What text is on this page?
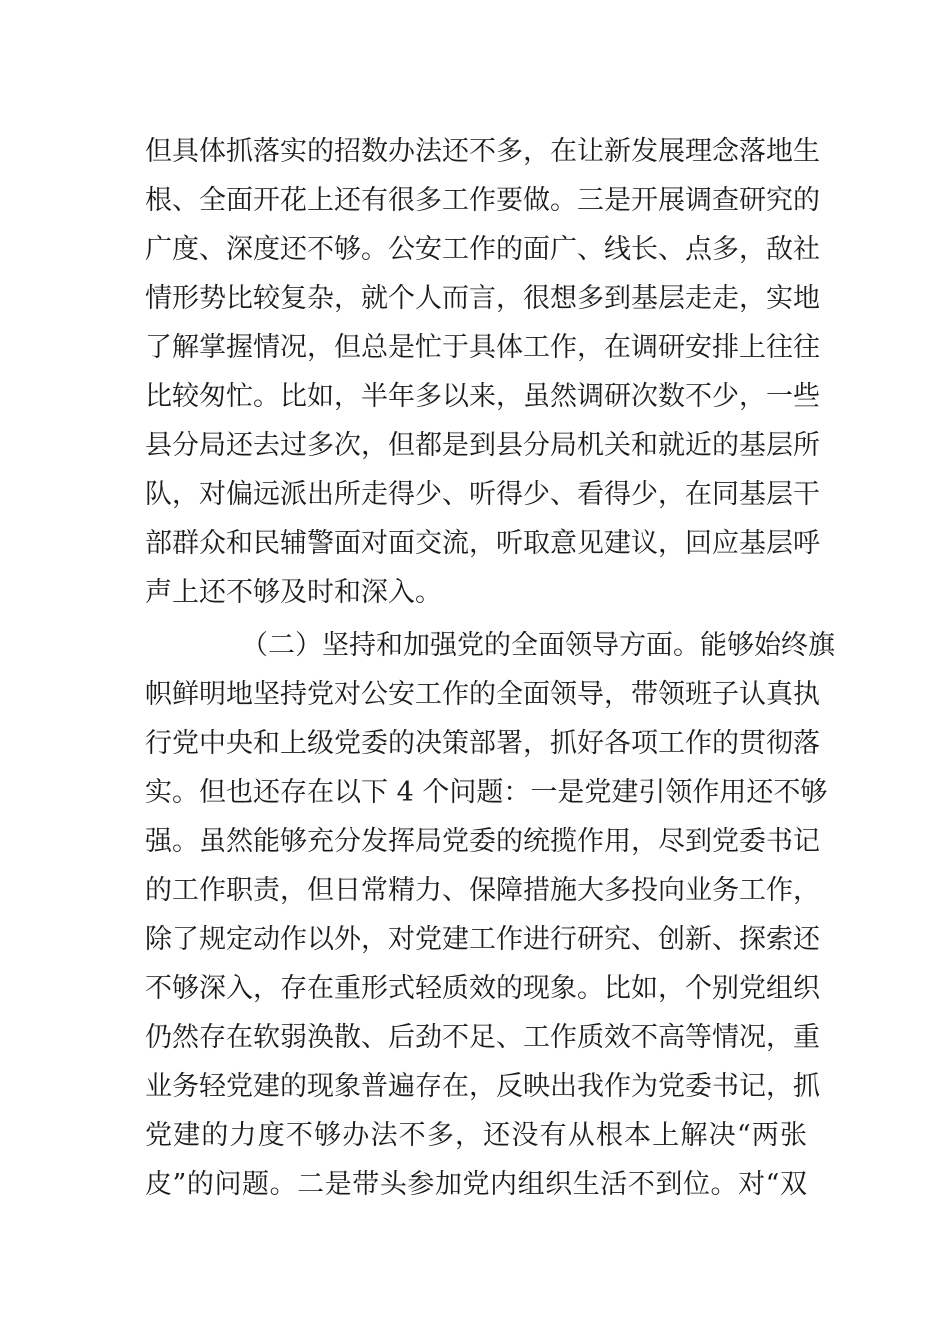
但具体抓落实的招数办法还不多，在让新发展理念落地生
根、全面开花上还有很多工作要做。三是开展调查研究的
广度、深度还不够。公安工作的面广、线长、点多，敌社
情形势比较复杂，就个人而言，很想多到基层走走，实地
了解掌握情况，但总是忙于具体工作，在调研安排上往往
比较匆忙。比如，半年多以来，虽然调研次数不少，一些
县分局还去过多次，但都是到县分局机关和就近的基层所
队，对偏远派出所走得少、听得少、看得少，在同基层干
部群众和民辅警面对面交流，听取意见建议，回应基层呼
声上还不够及时和深入。
（二）坚持和加强党的全面领导方面。能够始终旗
帜鲜明地坚持党对公安工作的全面领导，带领班子认真执
行党中央和上级党委的决策部署，抓好各项工作的贯彻落
实。但也还存在以下 4 个问题：一是党建引领作用还不够
强。虽然能够充分发挥局党委的统揽作用，尽到党委书记
的工作职责，但日常精力、保障措施大多投向业务工作，
除了规定动作以外，对党建工作进行研究、创新、探索还
不够深入，存在重形式轻质效的现象。比如，个别党组织
仍然存在软弱涣散、后劲不足、工作质效不高等情况，重
业务轻党建的现象普遍存在，反映出我作为党委书记，抓
党建的力度不够办法不多，还没有从根本上解决“两张
皮”的问题。二是带头参加党内组织生活不到位。对“双
